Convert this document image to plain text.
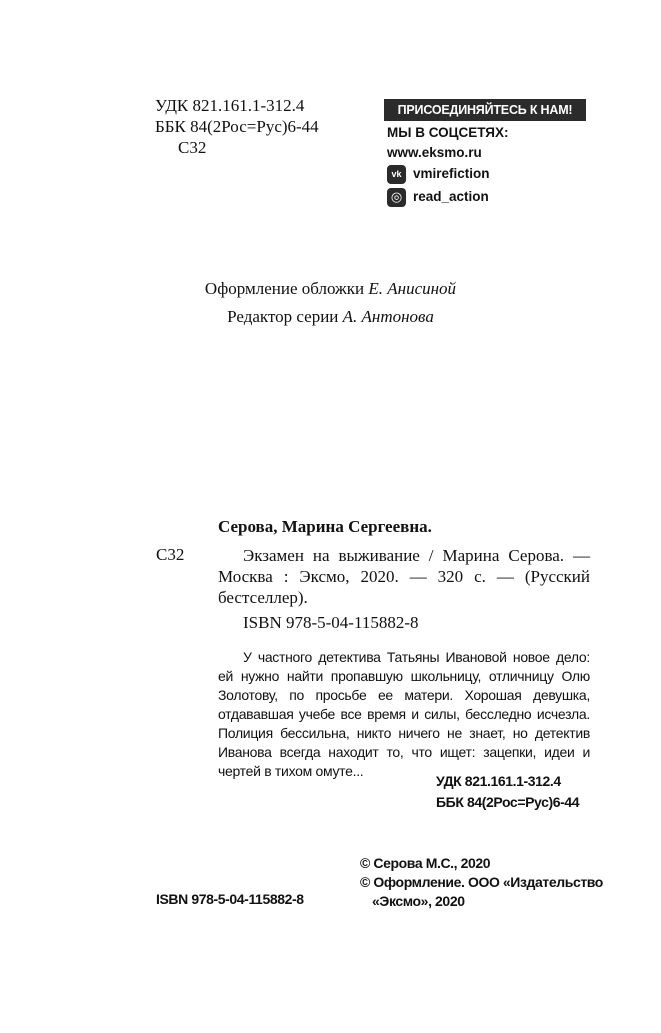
УДК 821.161.1-312.4
ББК 84(2Рос=Рус)6-44
С32
ПРИСОЕДИНЯЙТЕСЬ К НАМ!
МЫ В СОЦСЕТЯХ:
www.eksmo.ru
vk vmirefiction
◎ read_action
Оформление обложки Е. Анисиной
Редактор серии А. Антонова
Серова, Марина Сергеевна.
С32	Экзамен на выживание / Марина Серова. — Москва : Эксмо, 2020. — 320 с. — (Русский бестселлер).
ISBN 978-5-04-115882-8
У частного детектива Татьяны Ивановой новое дело: ей нужно найти пропавшую школьницу, отличницу Олю Золотову, по просьбе ее матери. Хорошая девушка, отдававшая учебе все время и силы, бесследно исчезла. Полиция бессильна, никто ничего не знает, но детектив Иванова всегда находит то, что ищет: зацепки, идеи и чертей в тихом омуте...
УДК 821.161.1-312.4
ББК 84(2Рос=Рус)6-44
© Серова М.С., 2020
© Оформление. ООО «Издательство
«Эксмо», 2020
ISBN 978-5-04-115882-8
